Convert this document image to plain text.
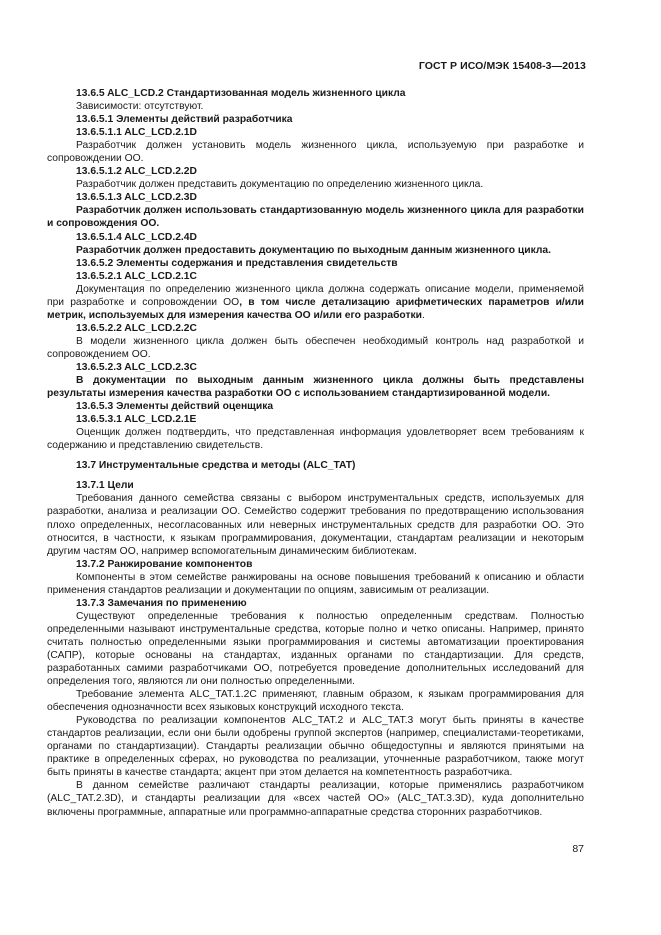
ГОСТ Р ИСО/МЭК 15408-3—2013

13.6.5 ALC_LCD.2 Стандартизованная модель жизненного цикла

Зависимости: отсутствуют.

13.6.5.1 Элементы действий разработчика

13.6.5.1.1 ALC_LCD.2.1D

Разработчик должен установить модель жизненного цикла, используемую при разработке и сопровождении ОО.

13.6.5.1.2 ALC_LCD.2.2D

Разработчик должен представить документацию по определению жизненного цикла.

13.6.5.1.3 ALC_LCD.2.3D

Разработчик должен использовать стандартизованную модель жизненного цикла для разработки и сопровождения ОО.

13.6.5.1.4 ALC_LCD.2.4D

Разработчик должен предоставить документацию по выходным данным жизненного цикла.

13.6.5.2 Элементы содержания и представления свидетельств

13.6.5.2.1 ALC_LCD.2.1C

Документация по определению жизненного цикла должна содержать описание модели, применяемой при разработке и сопровождении ОО, в том числе детализацию арифметических параметров и/или метрик, используемых для измерения качества ОО и/или его разработки.

13.6.5.2.2 ALC_LCD.2.2C

В модели жизненного цикла должен быть обеспечен необходимый контроль над разработкой и сопровождением ОО.

13.6.5.2.3 ALC_LCD.2.3C

В документации по выходным данным жизненного цикла должны быть представлены результаты измерения качества разработки ОО с использованием стандартизированной модели.

13.6.5.3 Элементы действий оценщика

13.6.5.3.1 ALC_LCD.2.1E

Оценщик должен подтвердить, что представленная информация удовлетворяет всем требованиям к содержанию и представлению свидетельств.

13.7 Инструментальные средства и методы (ALC_TAT)

13.7.1 Цели

Требования данного семейства связаны с выбором инструментальных средств, используемых для разработки, анализа и реализации ОО. Семейство содержит требования по предотвращению использования плохо определенных, несогласованных или неверных инструментальных средств для разработки ОО. Это относится, в частности, к языкам программирования, документации, стандартам реализации и некоторым другим частям ОО, например вспомогательным динамическим библиотекам.

13.7.2 Ранжирование компонентов

Компоненты в этом семействе ранжированы на основе повышения требований к описанию и области применения стандартов реализации и документации по опциям, зависимым от реализации.

13.7.3 Замечания по применению

Существуют определенные требования к полностью определенным средствам. Полностью определенными называют инструментальные средства, которые полно и четко описаны. Например, принято считать полностью определенными языки программирования и системы автоматизации проектирования (САПР), которые основаны на стандартах, изданных органами по стандартизации. Для средств, разработанных самими разработчиками ОО, потребуется проведение дополнительных исследований для определения того, являются ли они полностью определенными.

Требование элемента ALC_TAT.1.2C применяют, главным образом, к языкам программирования для обеспечения однозначности всех языковых конструкций исходного текста.

Руководства по реализации компонентов ALC_TAT.2 и ALC_TAT.3 могут быть приняты в качестве стандартов реализации, если они были одобрены группой экспертов (например, специалистами-теоретиками, органами по стандартизации). Стандарты реализации обычно общедоступны и являются принятыми на практике в определенных сферах, но руководства по реализации, уточненные разработчиком, также могут быть приняты в качестве стандарта; акцент при этом делается на компетентность разработчика.

В данном семействе различают стандарты реализации, которые применялись разработчиком (ALC_TAT.2.3D), и стандарты реализации для «всех частей ОО» (ALC_TAT.3.3D), куда дополнительно включены программные, аппаратные или программно-аппаратные средства сторонних разработчиков.

87
